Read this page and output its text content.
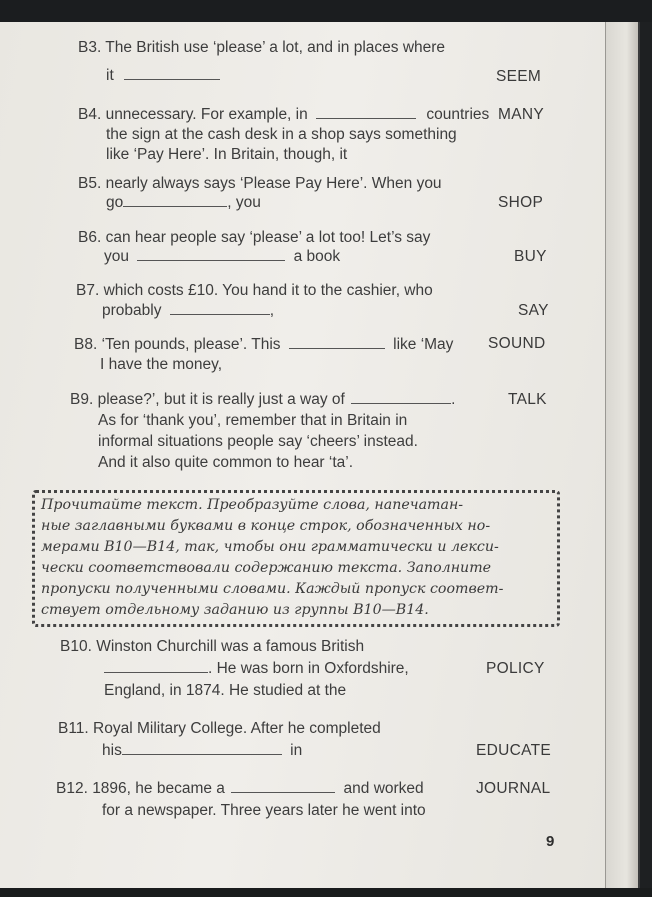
B3. The British use ‘please’ a lot, and in places where
it	SEEM
B4. unnecessary. For example, in	countries MANY
the sign at the cash desk in a shop says something
like ‘Pay Here’. In Britain, though, it
B5. nearly always says ‘Please Pay Here’. When you
go	, you	SHOP
B6. can hear people say ‘please’ a lot too! Let’s say
you	a book	BUY
B7. which costs £10. You hand it to the cashier, who
probably	,	SAY
B8. ‘Ten pounds, please’. This	like ‘May SOUND
I have the money,
B9. please?’, but it is really just a way of	.	TALK
As for ‘thank you’, remember that in Britain in
informal situations people say ‘cheers’ instead.
And it also quite common to hear ‘ta’.

Прочитайте текст. Преобразуйте слова, напечатан-

ные заглавными буквами в конце строк, обозначенных но-

мерами B10—B14, так, чтобы они грамматически и лекси-

чески соответствовали содержанию текста. Заполните

пропуски полученными словами. Каждый пропуск соответ-

ствует отдельному заданию из группы B10—B14.

B10. Winston Churchill was a famous British
. He was born in Oxfordshire,	POLICY
England, in 1874. He studied at the
B11. Royal Military College. After he completed
his	in	EDUCATE
B12. 1896, he became a	and worked	JOURNAL
for a newspaper. Three years later he went into
9
